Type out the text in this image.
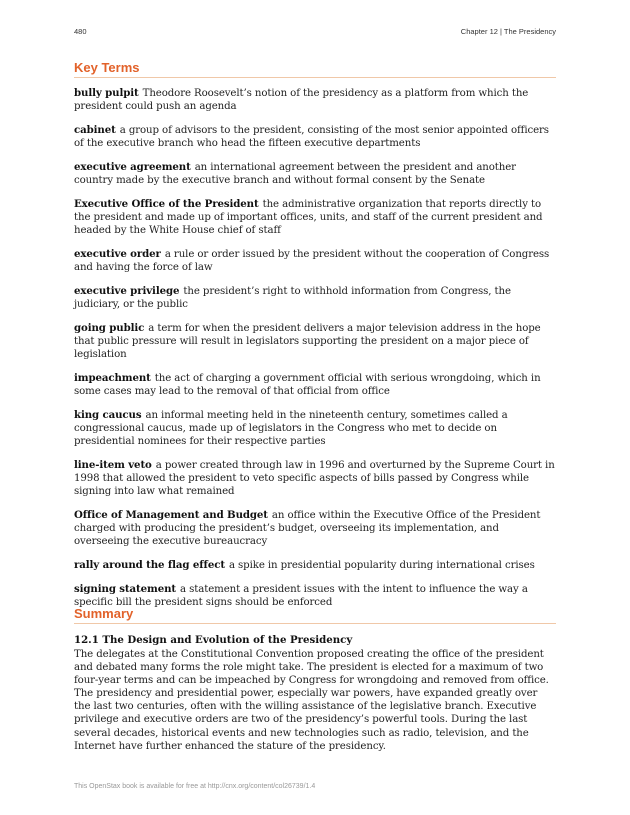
480	Chapter 12 | The Presidency
Key Terms

bully pulpit Theodore Roosevelt’s notion of the presidency as a platform from which the president could push an agenda

cabinet a group of advisors to the president, consisting of the most senior appointed officers of the executive branch who head the fifteen executive departments

executive agreement an international agreement between the president and another country made by the executive branch and without formal consent by the Senate

Executive Office of the President the administrative organization that reports directly to the president and made up of important offices, units, and staff of the current president and headed by the White House chief of staff

executive order a rule or order issued by the president without the cooperation of Congress and having the force of law

executive privilege the president’s right to withhold information from Congress, the judiciary, or the public

going public a term for when the president delivers a major television address in the hope that public pressure will result in legislators supporting the president on a major piece of legislation

impeachment the act of charging a government official with serious wrongdoing, which in some cases may lead to the removal of that official from office

king caucus an informal meeting held in the nineteenth century, sometimes called a congressional caucus, made up of legislators in the Congress who met to decide on presidential nominees for their respective parties

line-item veto a power created through law in 1996 and overturned by the Supreme Court in 1998 that allowed the president to veto specific aspects of bills passed by Congress while signing into law what remained

Office of Management and Budget an office within the Executive Office of the President charged with producing the president’s budget, overseeing its implementation, and overseeing the executive bureaucracy

rally around the flag effect a spike in presidential popularity during international crises

signing statement a statement a president issues with the intent to influence the way a specific bill the president signs should be enforced

Summary

12.1 The Design and Evolution of the Presidency

The delegates at the Constitutional Convention proposed creating the office of the president and debated many forms the role might take. The president is elected for a maximum of two four-year terms and can be impeached by Congress for wrongdoing and removed from office. The presidency and presidential power, especially war powers, have expanded greatly over the last two centuries, often with the willing assistance of the legislative branch. Executive privilege and executive orders are two of the presidency’s powerful tools. During the last several decades, historical events and new technologies such as radio, television, and the Internet have further enhanced the stature of the presidency.

This OpenStax book is available for free at http://cnx.org/content/col26739/1.4
